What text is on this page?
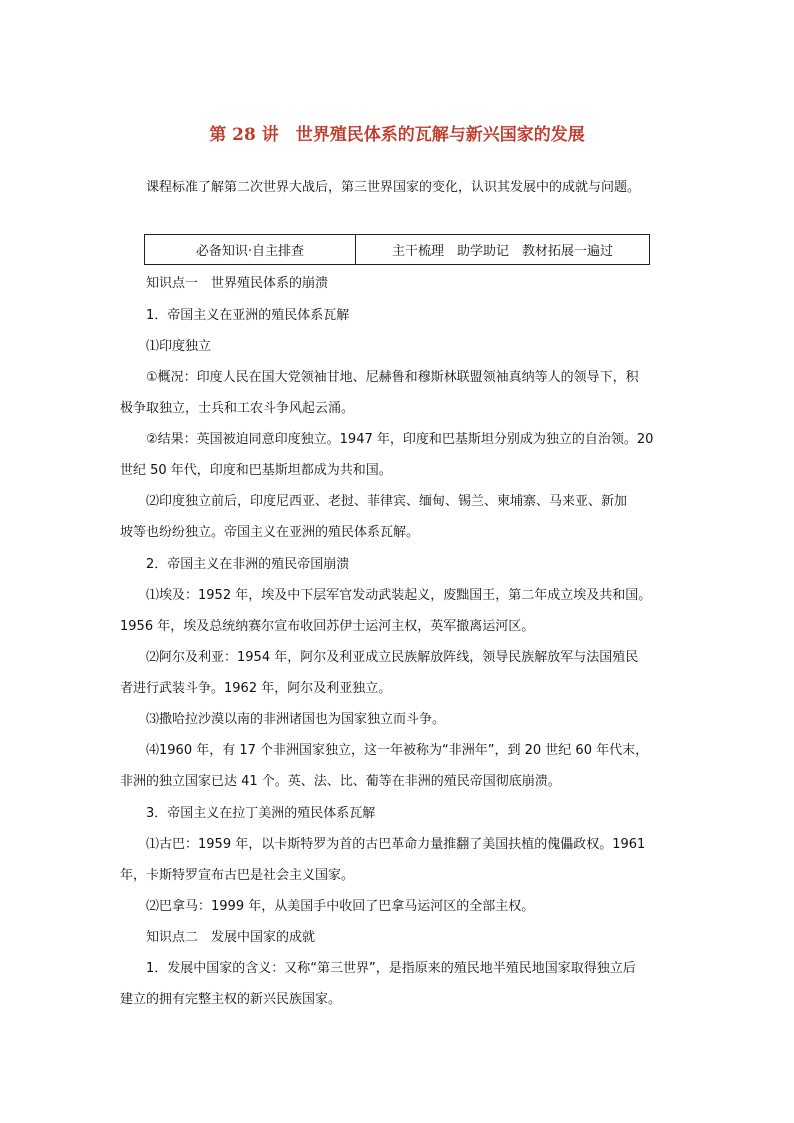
第 28 讲　世界殖民体系的瓦解与新兴国家的发展
课程标准了解第二次世界大战后，第三世界国家的变化，认识其发展中的成就与问题。
必备知识·自主排查	主干梳理　助学助记　教材拓展一遍过
知识点一　世界殖民体系的崩溃
1．帝国主义在亚洲的殖民体系瓦解
⑴印度独立
①概况：印度人民在国大党领袖甘地、尼赫鲁和穆斯林联盟领袖真纳等人的领导下，积
极争取独立，士兵和工农斗争风起云涌。
②结果：英国被迫同意印度独立。1947 年，印度和巴基斯坦分别成为独立的自治领。20
世纪 50 年代，印度和巴基斯坦都成为共和国。
⑵印度独立前后，印度尼西亚、老挝、菲律宾、缅甸、锡兰、柬埔寨、马来亚、新加
坡等也纷纷独立。帝国主义在亚洲的殖民体系瓦解。
2．帝国主义在非洲的殖民帝国崩溃
⑴埃及：1952 年，埃及中下层军官发动武装起义，废黜国王，第二年成立埃及共和国。
1956 年，埃及总统纳赛尔宣布收回苏伊士运河主权，英军撤离运河区。
⑵阿尔及利亚：1954 年，阿尔及利亚成立民族解放阵线，领导民族解放军与法国殖民
者进行武装斗争。1962 年，阿尔及利亚独立。
⑶撒哈拉沙漠以南的非洲诸国也为国家独立而斗争。
⑷1960 年，有 17 个非洲国家独立，这一年被称为“非洲年”，到 20 世纪 60 年代末，
非洲的独立国家已达 41 个。英、法、比、葡等在非洲的殖民帝国彻底崩溃。
3．帝国主义在拉丁美洲的殖民体系瓦解
⑴古巴：1959 年，以卡斯特罗为首的古巴革命力量推翻了美国扶植的傀儡政权。1961
年，卡斯特罗宣布古巴是社会主义国家。
⑵巴拿马：1999 年，从美国手中收回了巴拿马运河区的全部主权。
知识点二　发展中国家的成就
1．发展中国家的含义：又称“第三世界”，是指原来的殖民地半殖民地国家取得独立后
建立的拥有完整主权的新兴民族国家。
